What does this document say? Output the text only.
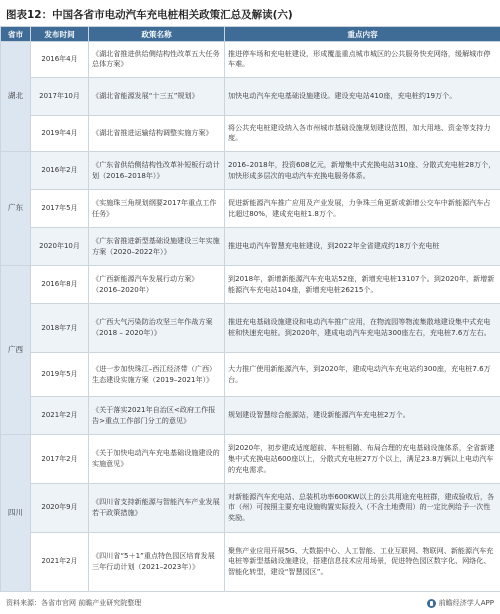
图表12：中国各省市电动汽车充电桩相关政策汇总及解读(六)
省市	发布时间	政策名称	重点内容
湖北	2016年4月	《湖北省推进供给侧结构性改革五大任务总体方案》	推进停车场和充电桩建设，形成覆盖重点城市城区的公共服务快充网络，缓解城市停车难。
	2017年10月	《湖北省能源发展“十三五”规划》	加快电动汽车充电基础设施建设。建设充电站410座，充电桩约19万个。
	2019年4月	《湖北省推进运输结构调整实施方案》	将公共充电桩建设纳入各市州城市基础设施规划建设范围，加大用地、资金等支持力度。
广东	2016年2月	《广东省供给侧结构性改革补短板行动计划（2016–2018年）》	2016–2018年，投资608亿元，新增集中式充换电站310座、分散式充电桩28万个，加快形成多层次的电动汽车充换电服务体系。
	2017年5月	《实施珠三角规划纲要2017年重点工作任务》	促进新能源汽车推广应用及产业发展，力争珠三角更新或新增公交车中新能源汽车占比超过80%，建成充电桩1.8万个。
	2020年10月	《广东省推进新型基础设施建设三年实施方案（2020–2022年）》	推进电动汽车智慧充电桩建设，到2022年全省建成约18万个充电桩
广西	2016年8月	《广西新能源汽车发展行动方案》（2016–2020年）	到2018年，新增新能源汽车充电站52座，新增充电桩13107个。到2020年，新增新能源汽车充电站104座，新增充电桩26215个。
	2018年7月	《广西大气污染防治攻坚三年作战方案（2018 – 2020年）》	推进充电基础设施建设和电动汽车推广应用，在物流园等物流集散地建设集中式充电桩和快速充电桩。到2020年，建成电动汽车充电站300座左右，充电桩7.6万左右。
	2019年5月	《进一步加快珠江–西江经济带（广西）生态建设实施方案（2019–2021年）》	大力推广使用新能源汽车，到2020年，建成电动汽车充电站约300座，充电桩7.6万台。
	2021年2月	《关于落实2021年自治区<政府工作报告>重点工作部门分工的意见》	规划建设智慧综合能源站，建设新能源汽车充电桩2万个。
四川	2017年2月	《关于加快电动汽车充电基础设施建设的实施意见》	到2020年，初步建成适度超前、车桩相随、布局合理的充电基础设施体系，全省新建集中式充换电站600座以上，分散式充电桩27万个以上，满足23.8万辆以上电动汽车的充电需求。
	2020年9月	《四川省支持新能源与智能汽车产业发展若干政策措施》	对新能源汽车充电站、总装机功率600KW以上的公共用途充电桩群，建成验收后，各市（州）可按照主要充电设施购置实际投入（不含土地费用）的一定比例给予一次性奖励。
	2021年2月	《四川省“5＋1”重点特色园区培育发展三年行动计划（2021–2023年）》	聚焦产业应用开展5G、大数据中心、人工智能、工业互联网、物联网、新能源汽车充电桩等新型基础设施建设，搭建信息技术应用场景，促进特色园区数字化、网络化、智能化转型，建设“智慧园区”。
资料来源：各省市官网 前瞻产业研究院整理	前瞻经济学人APP
